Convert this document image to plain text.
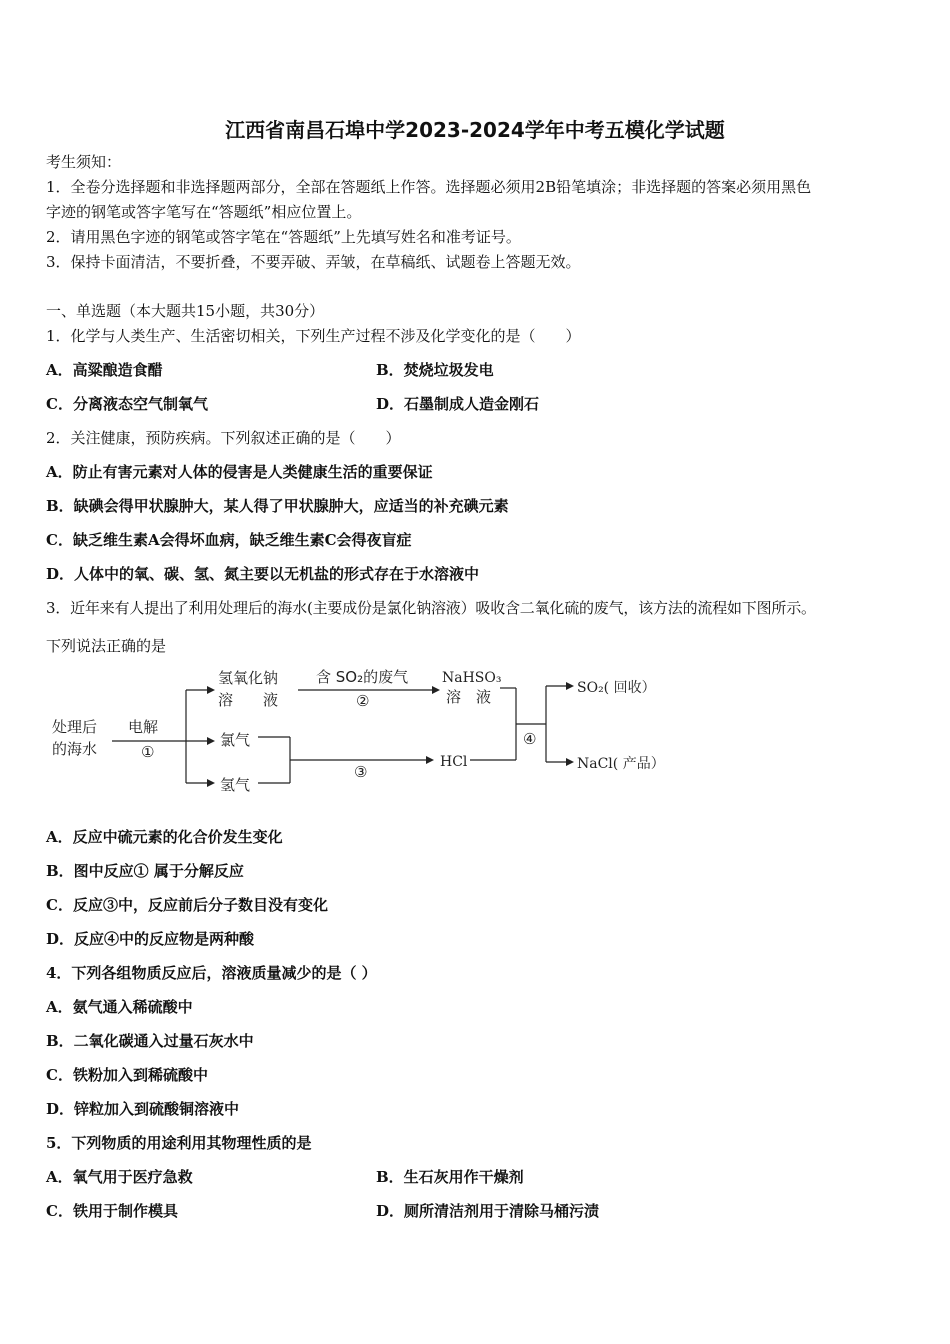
江西省南昌石埠中学2023-2024学年中考五模化学试题
考生须知：
1．全卷分选择题和非选择题两部分，全部在答题纸上作答。选择题必须用2B铅笔填涂；非选择题的答案必须用黑色
字迹的钢笔或答字笔写在“答题纸”相应位置上。
2．请用黑色字迹的钢笔或答字笔在“答题纸”上先填写姓名和准考证号。
3．保持卡面清洁，不要折叠，不要弄破、弄皱，在草稿纸、试题卷上答题无效。
一、单选题（本大题共15小题，共30分）
1．化学与人类生产、生活密切相关，下列生产过程不涉及化学变化的是（　　）
A．高粱酿造食醋	B．焚烧垃圾发电
C．分离液态空气制氧气	D．石墨制成人造金刚石
2．关注健康，预防疾病。下列叙述正确的是（　　）
A．防止有害元素对人体的侵害是人类健康生活的重要保证
B．缺碘会得甲状腺肿大，某人得了甲状腺肿大，应适当的补充碘元素
C．缺乏维生素A会得坏血病，缺乏维生素C会得夜盲症
D．人体中的氧、碳、氢、氮主要以无机盐的形式存在于水溶液中
3．近年来有人提出了利用处理后的海水(主要成份是氯化钠溶液）吸收含二氧化硫的废气，该方法的流程如下图所示。
下列说法正确的是
处理后
的海水
电解
①
氢氧化钠
溶　　液
含 SO₂的废气
②
NaHSO₃
溶　液
氯气
氢气
③
HCl
④
SO₂( 回收）
NaCl( 产品）
A．反应中硫元素的化合价发生变化
B．图中反应① 属于分解反应
C．反应③中，反应前后分子数目没有变化
D．反应④中的反应物是两种酸
4．下列各组物质反应后，溶液质量减少的是（ ）
A．氨气通入稀硫酸中
B．二氧化碳通入过量石灰水中
C．铁粉加入到稀硫酸中
D．锌粒加入到硫酸铜溶液中
5．下列物质的用途利用其物理性质的是
A．氧气用于医疗急救	B．生石灰用作干燥剂
C．铁用于制作模具	D．厕所清洁剂用于清除马桶污渍
